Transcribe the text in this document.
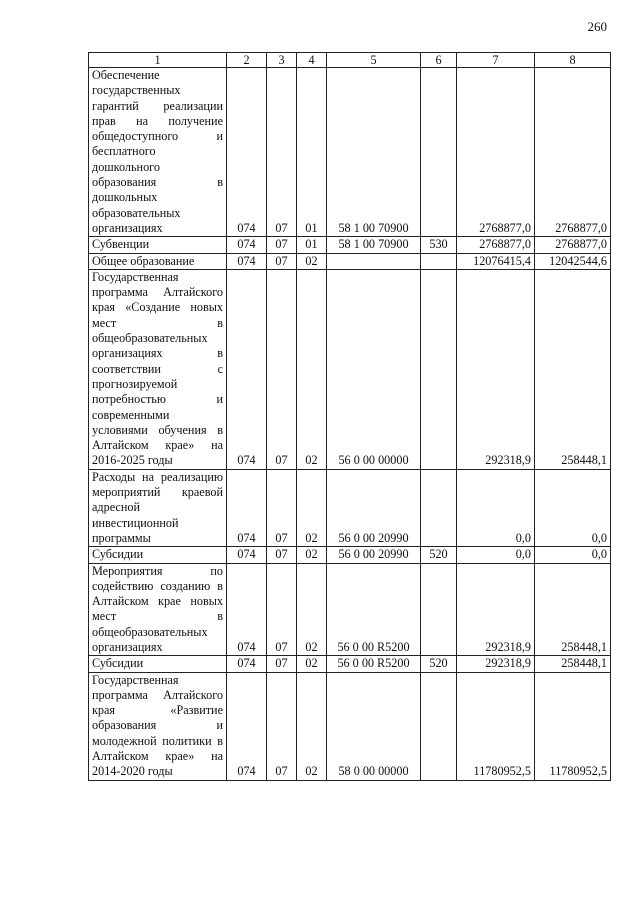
260
1	2	3	4	5	6	7	8
Обеспечение государственных гарантий реализации прав на получение общедоступного и бесплатного дошкольного образования в дошкольных образовательных организациях	074	07	01	58 1 00 70900		2768877,0	2768877,0
Субвенции	074	07	01	58 1 00 70900	530	2768877,0	2768877,0
Общее образование	074	07	02			12076415,4	12042544,6
Государственная программа Алтайского края «Создание новых мест в общеобразовательных организациях в соответствии с прогнозируемой потребностью и современными условиями обучения в Алтайском крае» на 2016-2025 годы	074	07	02	56 0 00 00000		292318,9	258448,1
Расходы на реализацию мероприятий краевой адресной инвестиционной программы	074	07	02	56 0 00 20990		0,0	0,0
Субсидии	074	07	02	56 0 00 20990	520	0,0	0,0
Мероприятия по содействию созданию в Алтайском крае новых мест в общеобразовательных организациях	074	07	02	56 0 00 R5200		292318,9	258448,1
Субсидии	074	07	02	56 0 00 R5200	520	292318,9	258448,1
Государственная программа Алтайского края «Развитие образования и молодежной политики в Алтайском крае» на 2014-2020 годы	074	07	02	58 0 00 00000		11780952,5	11780952,5
